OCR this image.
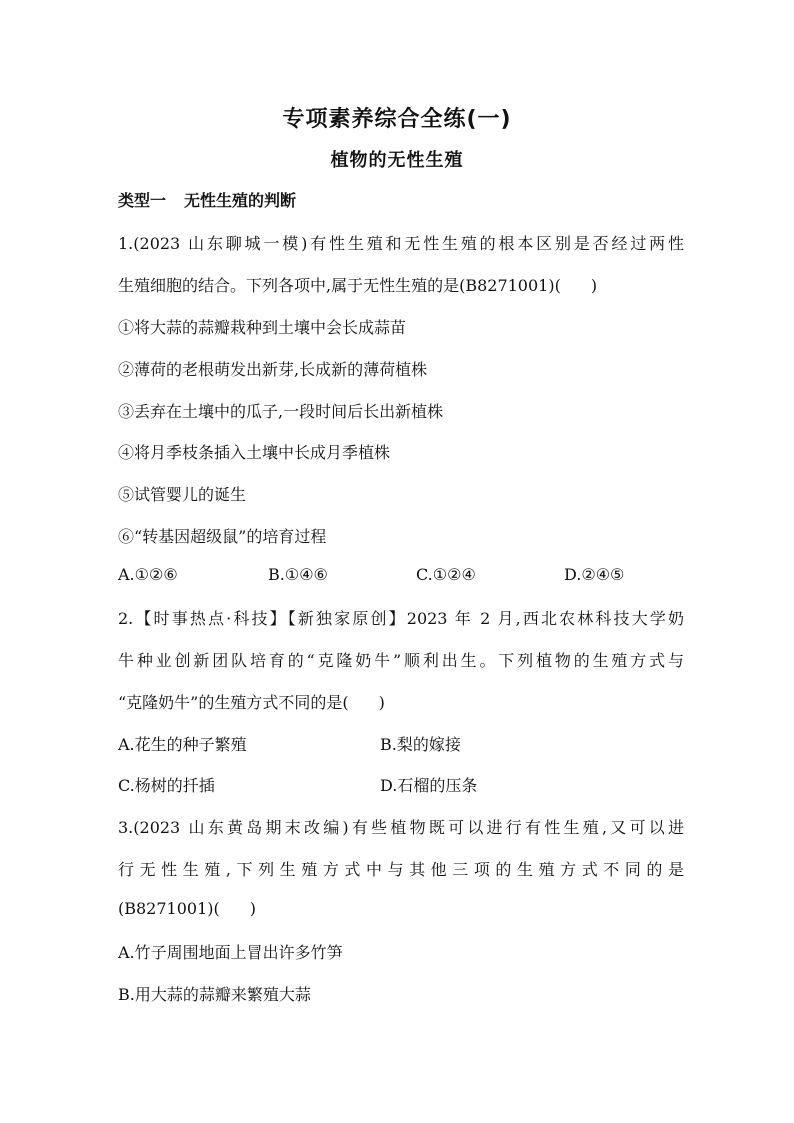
专项素养综合全练(一)
植物的无性生殖
类型一 无性生殖的判断
1.(2023 山东聊城一模)有性生殖和无性生殖的根本区别是否经过两性
生殖细胞的结合。下列各项中,属于无性生殖的是(B8271001)( )
①将大蒜的蒜瓣栽种到土壤中会长成蒜苗
②薄荷的老根萌发出新芽,长成新的薄荷植株
③丢弃在土壤中的瓜子,一段时间后长出新植株
④将月季枝条插入土壤中长成月季植株
⑤试管婴儿的诞生
⑥“转基因超级鼠”的培育过程
A.①②⑥	B.①④⑥	C.①②④	D.②④⑤
2.【时事热点·科技】【新独家原创】2023 年 2 月,西北农林科技大学奶
牛种业创新团队培育的“克隆奶牛”顺利出生。下列植物的生殖方式与
“克隆奶牛”的生殖方式不同的是( )
A.花生的种子繁殖	B.梨的嫁接
C.杨树的扦插	D.石榴的压条
3.(2023 山东黄岛期末改编)有些植物既可以进行有性生殖,又可以进
行无性生殖,下列生殖方式中与其他三项的生殖方式不同的是
(B8271001)( )
A.竹子周围地面上冒出许多竹笋
B.用大蒜的蒜瓣来繁殖大蒜
